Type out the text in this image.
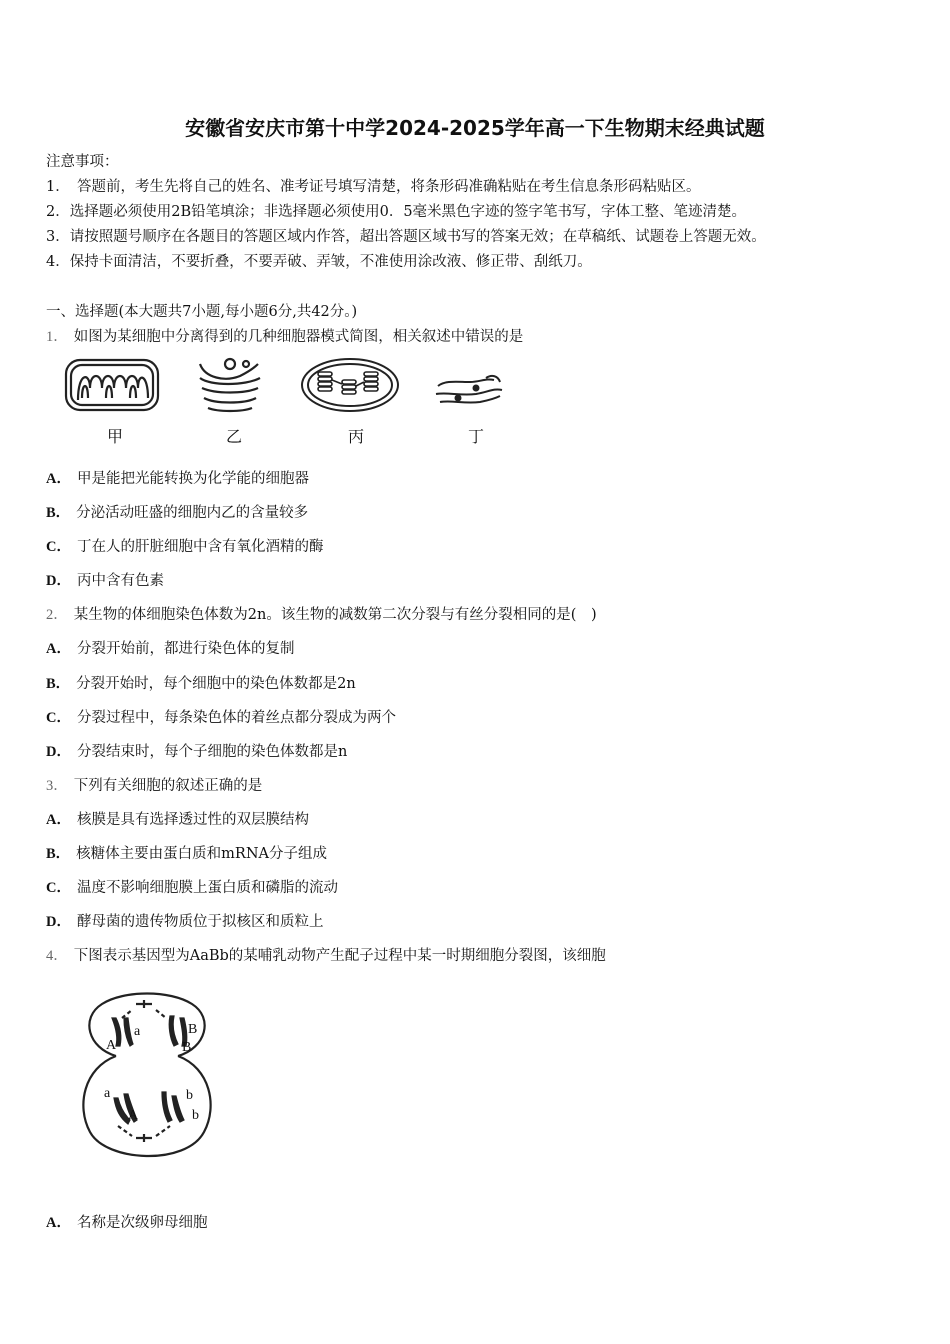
安徽省安庆市第十中学2024-2025学年高一下生物期末经典试题
注意事项：
1．　答题前，考生先将自己的姓名、准考证号填写清楚，将条形码准确粘贴在考生信息条形码粘贴区。
2．选择题必须使用2B铅笔填涂；非选择题必须使用0．5毫米黑色字迹的签字笔书写，字体工整、笔迹清楚。
3．请按照题号顺序在各题目的答题区域内作答，超出答题区域书写的答案无效；在草稿纸、试题卷上答题无效。
4．保持卡面清洁，不要折叠，不要弄破、弄皱，不准使用涂改液、修正带、刮纸刀。
一、选择题(本大题共7小题,每小题6分,共42分。)
1． 如图为某细胞中分离得到的几种细胞器模式简图，相关叙述中错误的是
甲	乙	丙	丁
A． 甲是能把光能转换为化学能的细胞器
B． 分泌活动旺盛的细胞内乙的含量较多
C． 丁在人的肝脏细胞中含有氧化酒精的酶
D． 丙中含有色素
2． 某生物的体细胞染色体数为2n。该生物的减数第二次分裂与有丝分裂相同的是(　)
A． 分裂开始前，都进行染色体的复制
B． 分裂开始时，每个细胞中的染色体数都是2n
C． 分裂过程中，每条染色体的着丝点都分裂成为两个
D． 分裂结束时，每个子细胞的染色体数都是n
3． 下列有关细胞的叙述正确的是
A． 核膜是具有选择透过性的双层膜结构
B． 核糖体主要由蛋白质和mRNA分子组成
C． 温度不影响细胞膜上蛋白质和磷脂的流动
D． 酵母菌的遗传物质位于拟核区和质粒上
4． 下图表示基因型为AaBb的某哺乳动物产生配子过程中某一时期细胞分裂图，该细胞
a
A
B
B
a
A
b
b
A． 名称是次级卵母细胞
